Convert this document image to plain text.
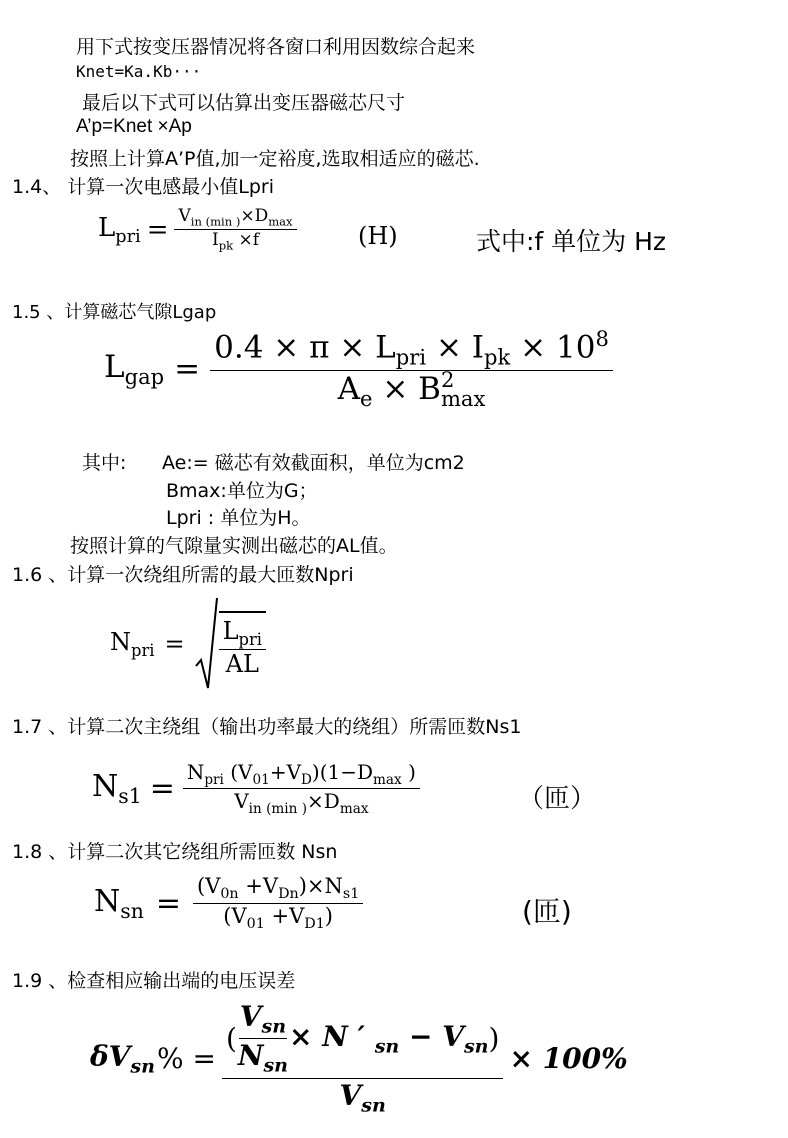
用下式按变压器情况将各窗口利用因数综合起来
Knet=Ka.Kb···
最后以下式可以估算出变压器磁芯尺寸
A’p=Knet ×Ap
按照上计算A’P值,加一定裕度,选取相适应的磁芯.
1.4、 计算一次电感最小值Lpri
$L_{pri} = \frac{V_{in (min )}\times D_{max}}{I_{pk} \times f}$	(H)	式中:f 单位为 Hz
1.5 、计算磁芯气隙Lgap
$L_{gap} = 0.4 \times \pi \times L_{pri} \times I_{pk} \times 10^8$
$A_e \times B$ 2
max
其中: Ae:= 磁芯有效截面积，单位为cm2
Bmax:单位为G；
Lpri : 单位为H。
按照计算的气隙量实测出磁芯的AL值。
1.6 、计算一次绕组所需的最大匝数Npri
$N_{pri} = \frac{L_{pri}}{AL}$
1.7 、计算二次主绕组（输出功率最大的绕组）所需匝数Ns1
$N_{s1} = \frac{N_{pri} (V_{01}+V_D)(1-D_{max} )}{V_{in (min )}\times D_{max}}$	（匝）
1.8 、计算二次其它绕组所需匝数 Nsn
$N_{sn} = \frac{(V_{0n} +V_{Dn})\times N_{s1}}{(V_{01} +V_{D1})}$	(匝)
1.9 、检查相应输出端的电压误差
$\delta V_{sn}$ % =
( $\frac{V_{sn}}{N_{sn}} \times N$ ′ $_{sn} - V_{sn}$ )
$V_{sn}$
× 100%
